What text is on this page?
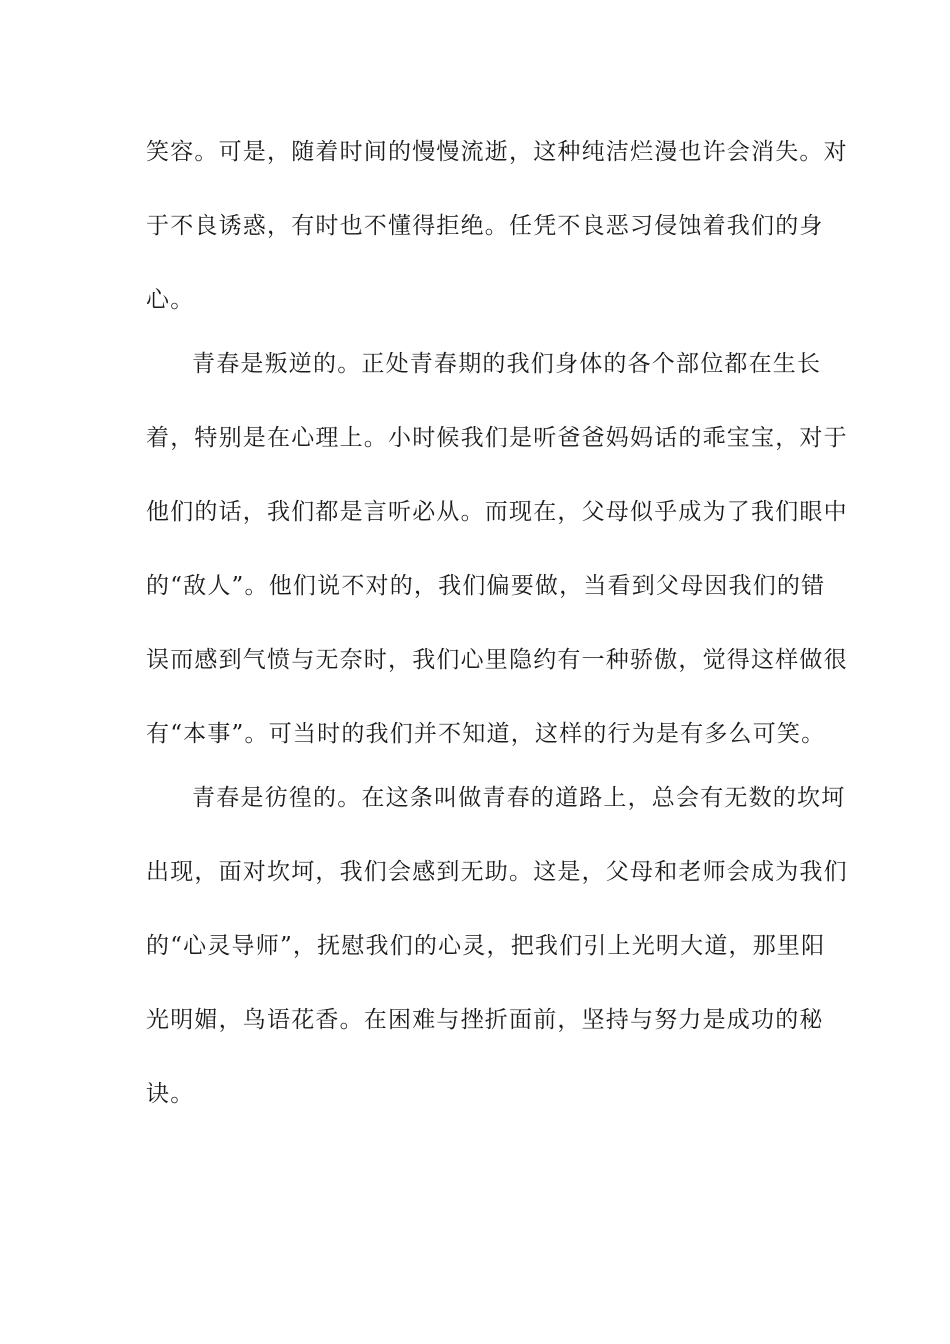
笑容。可是，随着时间的慢慢流逝，这种纯洁烂漫也许会消失。对
于不良诱惑，有时也不懂得拒绝。任凭不良恶习侵蚀着我们的身
心。
青春是叛逆的。正处青春期的我们身体的各个部位都在生长
着，特别是在心理上。小时候我们是听爸爸妈妈话的乖宝宝，对于
他们的话，我们都是言听必从。而现在，父母似乎成为了我们眼中
的“敌人”。他们说不对的，我们偏要做，当看到父母因我们的错
误而感到气愤与无奈时，我们心里隐约有一种骄傲，觉得这样做很
有“本事”。可当时的我们并不知道，这样的行为是有多么可笑。
青春是彷徨的。在这条叫做青春的道路上，总会有无数的坎坷
出现，面对坎坷，我们会感到无助。这是，父母和老师会成为我们
的“心灵导师”，抚慰我们的心灵，把我们引上光明大道，那里阳
光明媚，鸟语花香。在困难与挫折面前，坚持与努力是成功的秘
诀。
